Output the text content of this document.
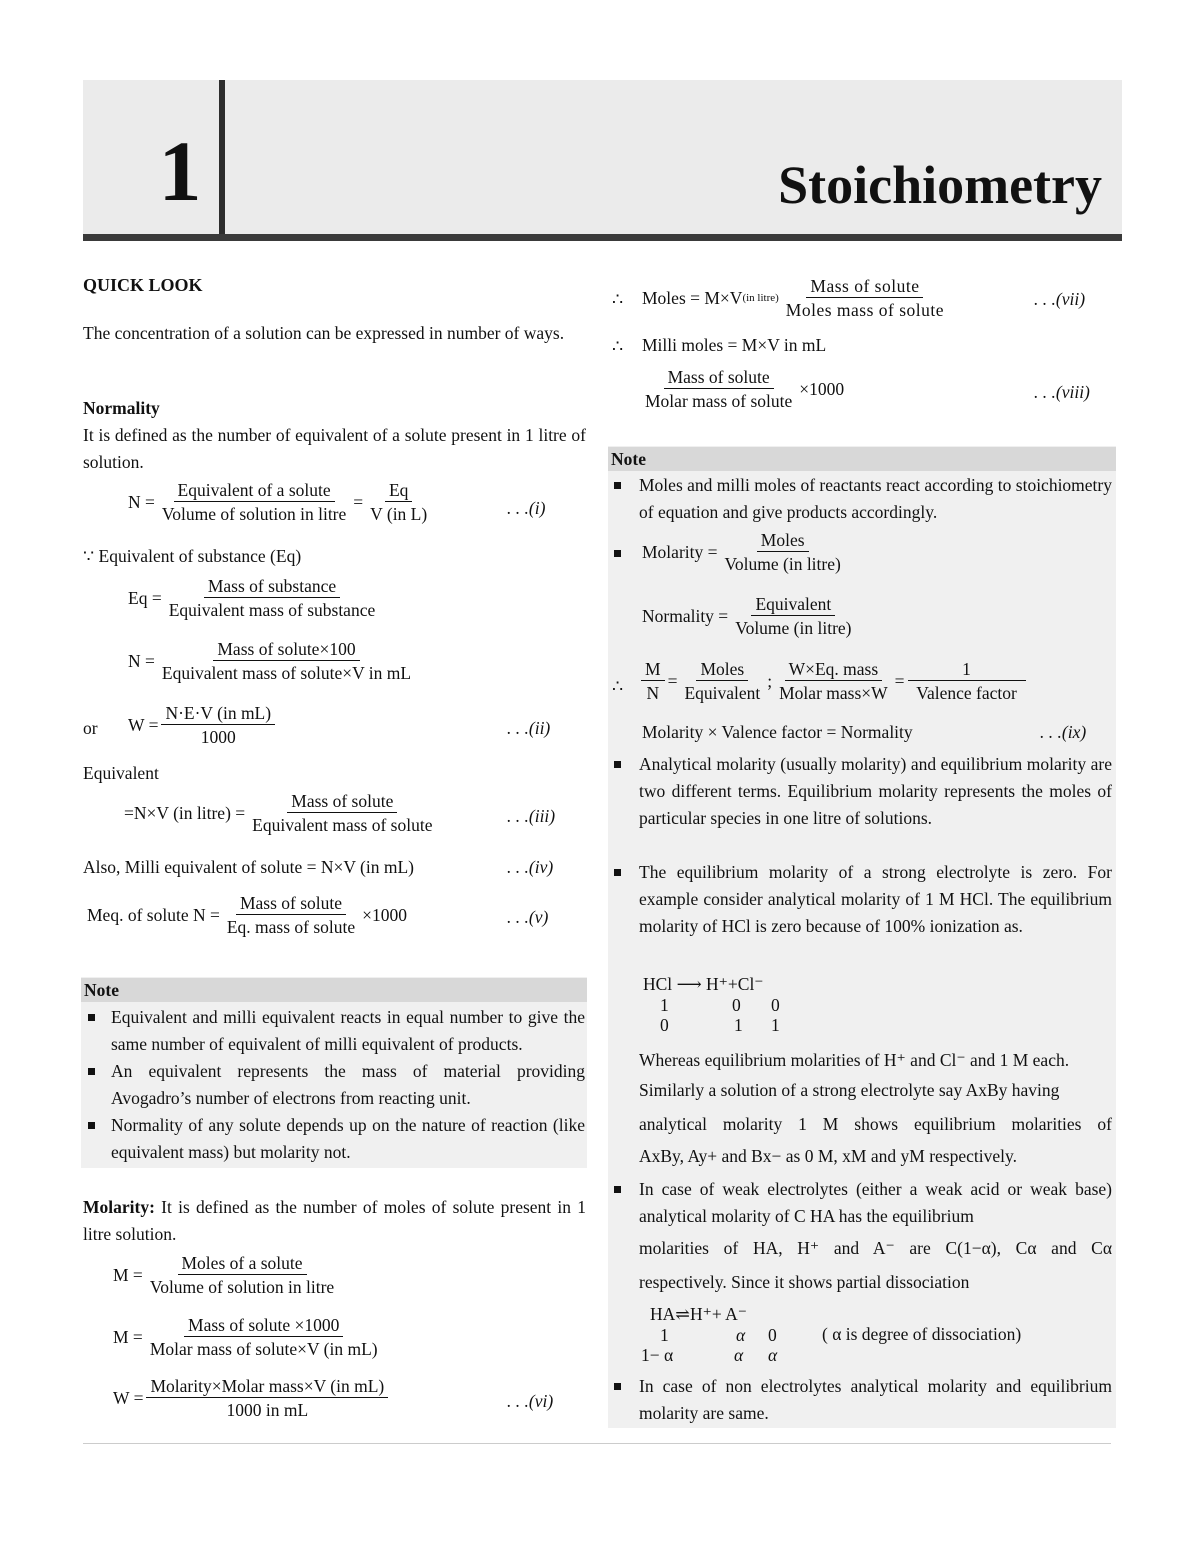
1	Stoichiometry
QUICK LOOK
The concentration of a solution can be expressed in number of ways.
Normality
It is defined as the number of equivalent of a solute present in 1 litre of solution.
$N = \frac{\text{Equivalent of a solute}}{\text{Volume of solution in litre}} = \frac{Eq}{\text{V (in L)}}$	. . .(i)
∵ Equivalent of substance (Eq)
$Eq = \frac{\text{Mass of substance}}{\text{Equivalent mass of substance}}$
$N = \frac{\text{Mass of solute×100}}{\text{Equivalent mass of solute×V in mL}}$
or $W = \frac{\text{N·E·V (in mL)}}{1000}$	. . .(ii)
Equivalent
=N×V (in litre) = $\frac{\text{Mass of solute}}{\text{Equivalent mass of solute}}$	. . .(iii)
Also, Milli equivalent of solute = N×V (in mL)	. . .(iv)
Meq. of solute $N = \frac{\text{Mass of solute}}{\text{Eq. mass of solute}} \times 1000$	. . .(v)
Note
Equivalent and milli equivalent reacts in equal number to give the same number of equivalent of milli equivalent of products.
An equivalent represents the mass of material providing Avogadro’s number of electrons from reacting unit.
Normality of any solute depends up on the nature of reaction (like equivalent mass) but molarity not.
Molarity: It is defined as the number of moles of solute present in 1 litre solution.
$M = \frac{\text{Moles of a solute}}{\text{Volume of solution in litre}}$
$M = \frac{\text{Mass of solute ×1000}}{\text{Molar mass of solute×V (in mL)}}$
$W = \frac{\text{Molarity×Molar mass×V (in mL)}}{\text{1000 in mL}}$	. . .(vi)
∴ Moles = M×V (in litre) $\frac{\text{Mass of solute}}{\text{Moles mass of solute}}$	. . .(vii)
∴ Milli moles = M×V in mL
$\frac{\text{Mass of solute}}{\text{Molar mass of solute}} \times 1000$	. . .(viii)
Note
Moles and milli moles of reactants react according to stoichiometry of equation and give products accordingly.
Molarity = $\frac{\text{Moles}}{\text{Volume (in litre)}}$
Normality = $\frac{\text{Equivalent}}{\text{Volume (in litre)}}$
∴ $\frac{M}{N} = \frac{\text{Moles}}{\text{Equivalent}}$ ; $\frac{\text{W×Eq. mass}}{\text{Molar mass×W}} = \frac{1}{\text{Valence factor}}$
Molarity × Valence factor = Normality	. . .(ix)
Analytical molarity (usually molarity) and equilibrium molarity are two different terms. Equilibrium molarity represents the moles of particular species in one litre of solutions.
The equilibrium molarity of a strong electrolyte is zero. For example consider analytical molarity of 1 M HCl. The equilibrium molarity of HCl is zero because of 100% ionization as.
HCl ⟶ H⁺+Cl⁻
1	0 0
0	1 1
Whereas equilibrium molarities of H⁺ and Cl⁻ and 1 M each.
Similarly a solution of a strong electrolyte say AxBy having
analytical molarity 1 M shows equilibrium molarities of
AxBy, Ay+ and Bx− as 0 M, xM and yM respectively.
In case of weak electrolytes (either a weak acid or weak base) analytical molarity of C HA has the equilibrium
molarities of HA, H⁺ and A⁻ are C(1−α), Cα and Cα
respectively. Since it shows partial dissociation
HA⇌H⁺+ A⁻
1	α 0	( α is degree of dissociation)
1− α	α α
In case of non electrolytes analytical molarity and equilibrium molarity are same.
